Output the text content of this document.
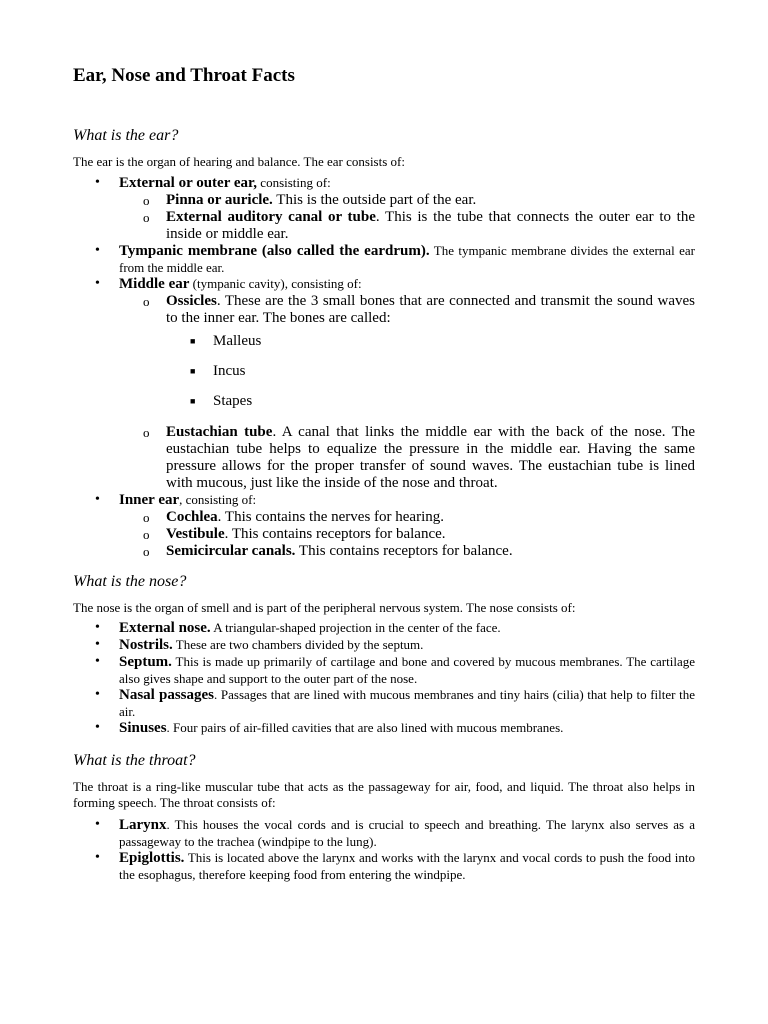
Ear, Nose and Throat Facts
What is the ear?

The ear is the organ of hearing and balance. The ear consists of:

• External or outer ear, consisting of:
o Pinna or auricle. This is the outside part of the ear.
o External auditory canal or tube. This is the tube that connects the outer ear to the inside or middle ear.
• Tympanic membrane (also called the eardrum). The tympanic membrane divides the external ear from the middle ear.
• Middle ear (tympanic cavity), consisting of:
o Ossicles. These are the 3 small bones that are connected and transmit the sound waves to the inner ear. The bones are called:
■ Malleus
■ Incus
■ Stapes
o Eustachian tube. A canal that links the middle ear with the back of the nose. The eustachian tube helps to equalize the pressure in the middle ear. Having the same pressure allows for the proper transfer of sound waves. The eustachian tube is lined with mucous, just like the inside of the nose and throat.
• Inner ear, consisting of:
o Cochlea. This contains the nerves for hearing.
o Vestibule. This contains receptors for balance.
o Semicircular canals. This contains receptors for balance.
What is the nose?

The nose is the organ of smell and is part of the peripheral nervous system. The nose consists of:

• External nose. A triangular-shaped projection in the center of the face.
• Nostrils. These are two chambers divided by the septum.
• Septum. This is made up primarily of cartilage and bone and covered by mucous membranes. The cartilage also gives shape and support to the outer part of the nose.
• Nasal passages. Passages that are lined with mucous membranes and tiny hairs (cilia) that help to filter the air.
• Sinuses. Four pairs of air-filled cavities that are also lined with mucous membranes.
What is the throat?

The throat is a ring-like muscular tube that acts as the passageway for air, food, and liquid. The throat also helps in forming speech. The throat consists of:

• Larynx. This houses the vocal cords and is crucial to speech and breathing. The larynx also serves as a passageway to the trachea (windpipe to the lung).
• Epiglottis. This is located above the larynx and works with the larynx and vocal cords to push the food into the esophagus, therefore keeping food from entering the windpipe.
